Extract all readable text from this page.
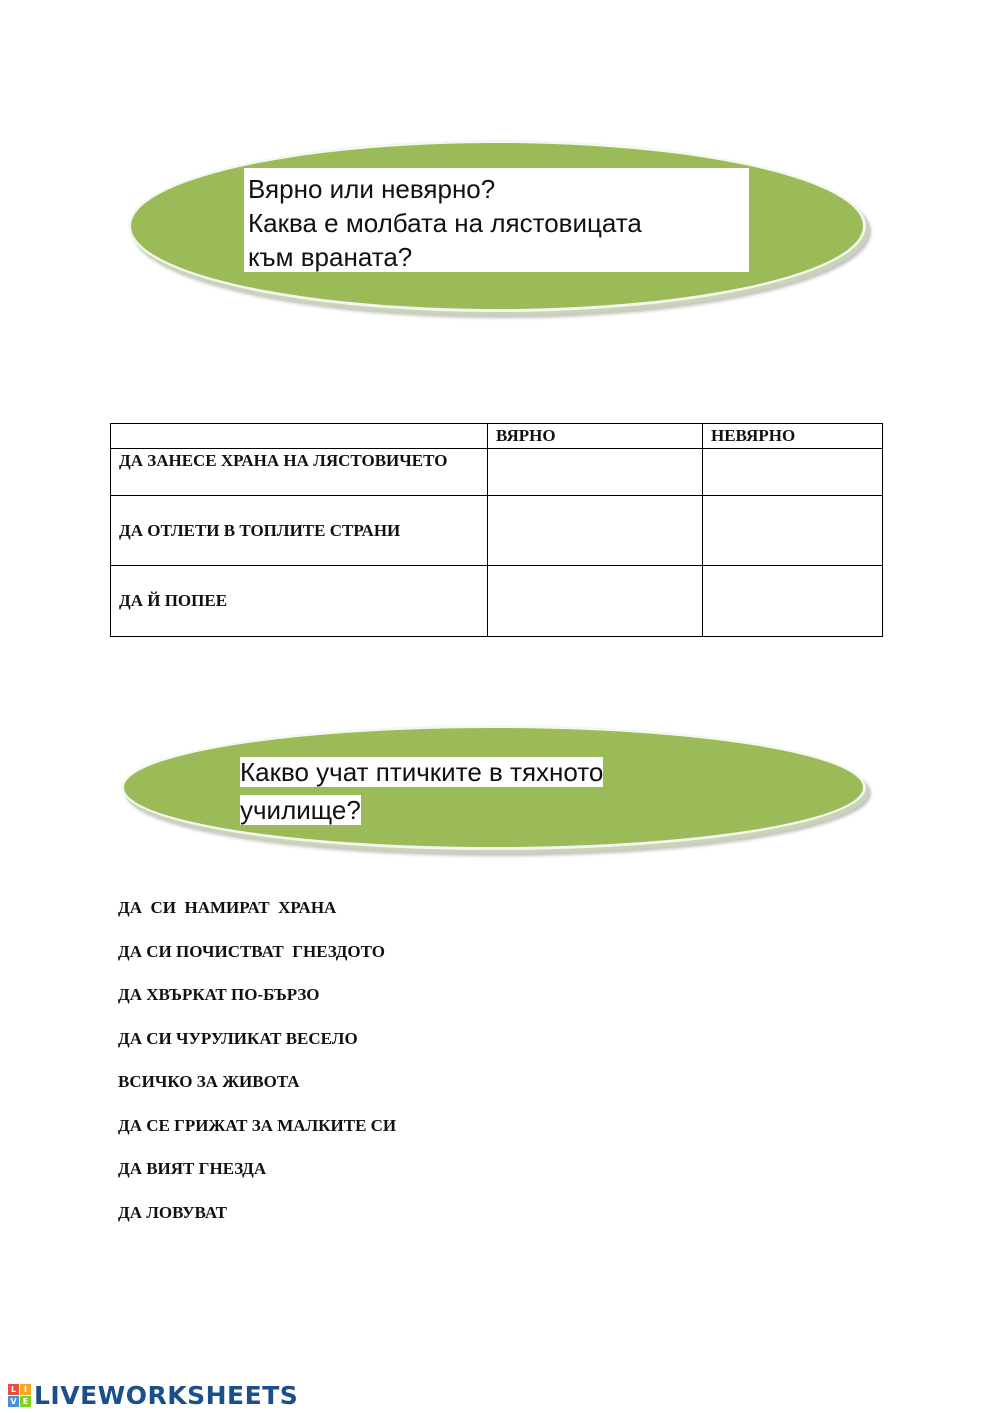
Вярно или невярно?
Каква е молбата на лястовицата
към враната?
	ВЯРНО	НЕВЯРНО
ДА ЗАНЕСЕ ХРАНА НА ЛЯСТОВИЧЕТО		
ДА ОТЛЕТИ В ТОПЛИТЕ СТРАНИ		
ДА Й ПОПЕЕ		
Какво учат птичките в тяхното
училище?
ДА  СИ  НАМИРАТ  ХРАНА
ДА СИ ПОЧИСТВАТ  ГНЕЗДОТО
ДА ХВЪРКАТ ПО-БЪРЗО
ДА СИ ЧУРУЛИКАТ ВЕСЕЛО
ВСИЧКО ЗА ЖИВОТА
ДА СЕ ГРИЖАТ ЗА МАЛКИТЕ СИ
ДА ВИЯТ ГНЕЗДА
ДА ЛОВУВАТ
L I
V E LIVEWORKSHEETS
